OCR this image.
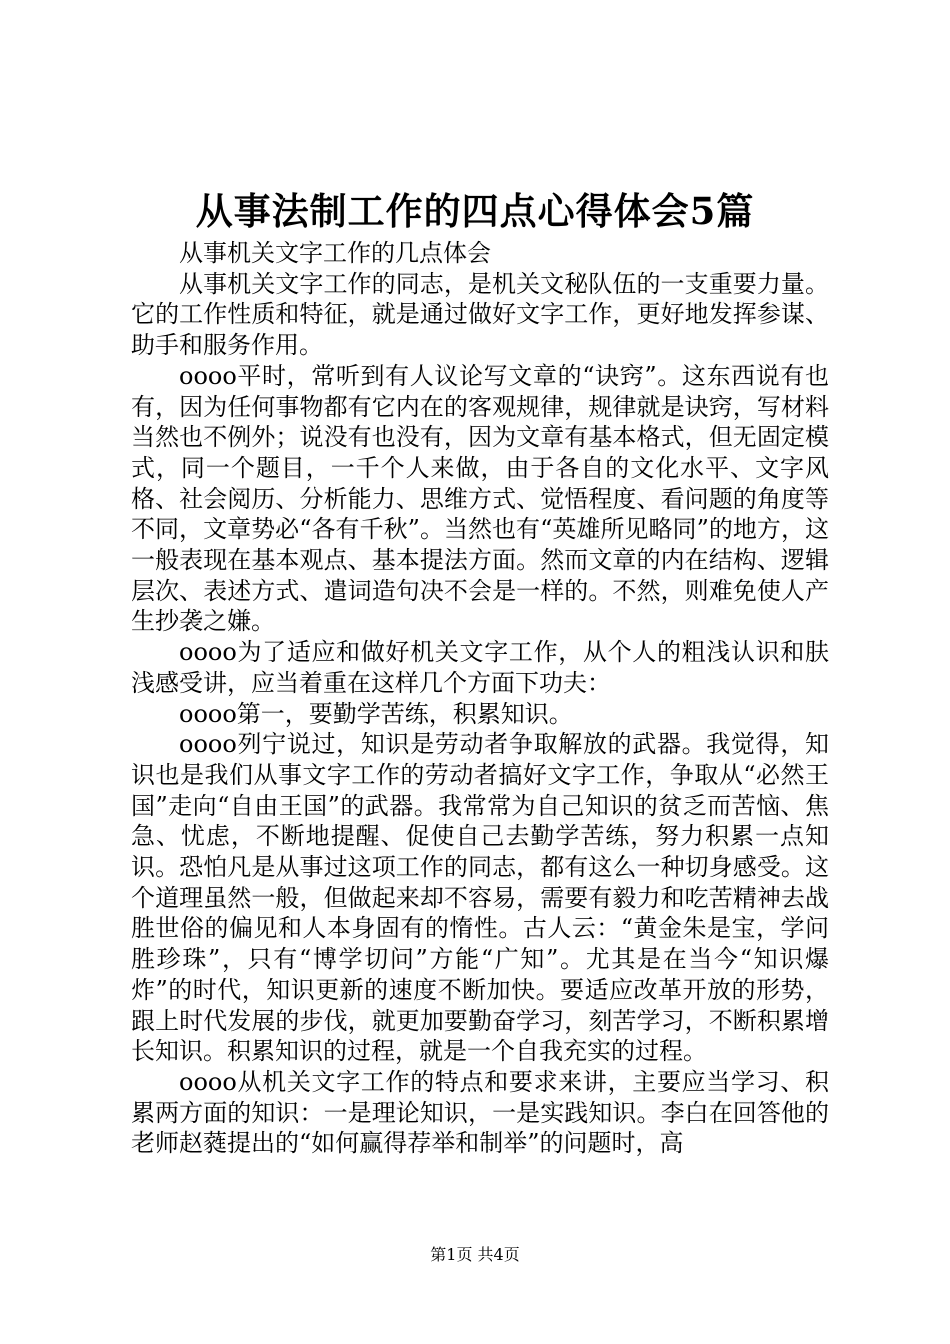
从事法制工作的四点心得体会5篇

从事机关文字工作的几点体会

从事机关文字工作的同志，是机关文秘队伍的一支重要力量。它的工作性质和特征，就是通过做好文字工作，更好地发挥参谋、助手和服务作用。

oooo平时，常听到有人议论写文章的“诀窍”。这东西说有也有，因为任何事物都有它内在的客观规律，规律就是诀窍，写材料当然也不例外；说没有也没有，因为文章有基本格式，但无固定模式，同一个题目，一千个人来做，由于各自的文化水平、文字风格、社会阅历、分析能力、思维方式、觉悟程度、看问题的角度等不同，文章势必“各有千秋”。当然也有“英雄所见略同”的地方，这一般表现在基本观点、基本提法方面。然而文章的内在结构、逻辑层次、表述方式、遣词造句决不会是一样的。不然，则难免使人产生抄袭之嫌。

oooo为了适应和做好机关文字工作，从个人的粗浅认识和肤浅感受讲，应当着重在这样几个方面下功夫：

oooo第一，要勤学苦练，积累知识。

oooo列宁说过，知识是劳动者争取解放的武器。我觉得，知识也是我们从事文字工作的劳动者搞好文字工作，争取从“必然王国”走向“自由王国”的武器。我常常为自己知识的贫乏而苦恼、焦急、忧虑，不断地提醒、促使自己去勤学苦练，努力积累一点知识。恐怕凡是从事过这项工作的同志，都有这么一种切身感受。这个道理虽然一般，但做起来却不容易，需要有毅力和吃苦精神去战胜世俗的偏见和人本身固有的惰性。古人云：“黄金朱是宝，学问胜珍珠”，只有“博学切问”方能“广知”。尤其是在当今“知识爆炸”的时代，知识更新的速度不断加快。要适应改革开放的形势，跟上时代发展的步伐，就更加要勤奋学习，刻苦学习，不断积累增长知识。积累知识的过程，就是一个自我充实的过程。

oooo从机关文字工作的特点和要求来讲，主要应当学习、积累两方面的知识：一是理论知识，一是实践知识。李白在回答他的老师赵蕤提出的“如何赢得荐举和制举”的问题时，高

第1页 共4页
